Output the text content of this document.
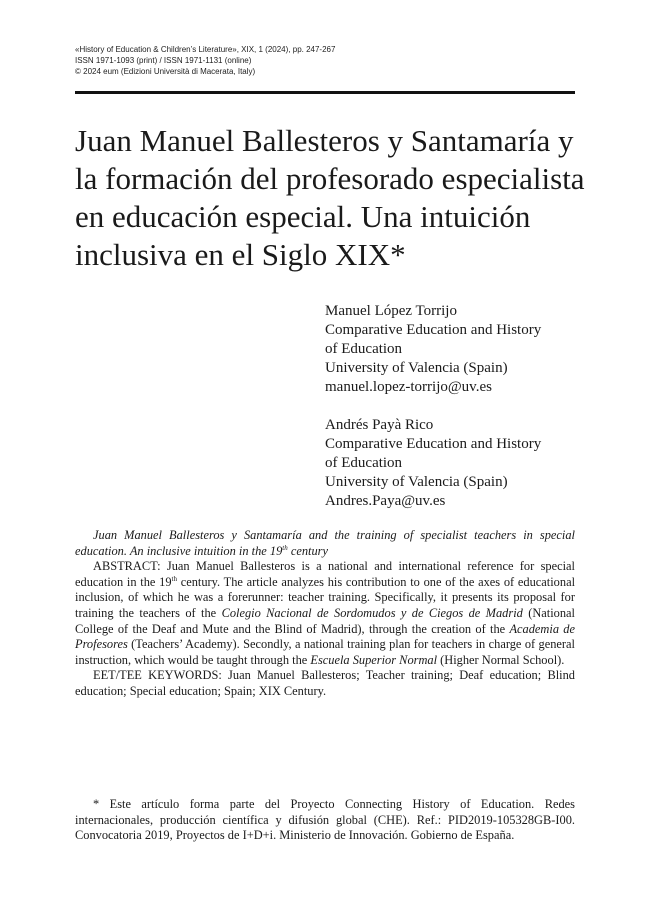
«History of Education & Children’s Literature», XIX, 1 (2024), pp. 247-267
ISSN 1971-1093 (print) / ISSN 1971-1131 (online)
© 2024 eum (Edizioni Università di Macerata, Italy)
Juan Manuel Ballesteros y Santamaría y
la formación del profesorado especialista
en educación especial. Una intuición
inclusiva en el Siglo XIX*
Manuel López Torrijo
Comparative Education and History
of Education
University of Valencia (Spain)
manuel.lopez-torrijo@uv.es
Andrés Payà Rico
Comparative Education and History
of Education
University of Valencia (Spain)
Andres.Paya@uv.es

Juan Manuel Ballesteros y Santamaría and the training of specialist teachers in special education. An inclusive intuition in the 19th century

ABSTRACT: Juan Manuel Ballesteros is a national and international reference for special education in the 19th century. The article analyzes his contribution to one of the axes of educational inclusion, of which he was a forerunner: teacher training. Specifically, it presents its proposal for training the teachers of the Colegio Nacional de Sordomudos y de Ciegos de Madrid (National College of the Deaf and Mute and the Blind of Madrid), through the creation of the Academia de Profesores (Teachers’ Academy). Secondly, a national training plan for teachers in charge of general instruction, which would be taught through the Escuela Superior Normal (Higher Normal School).

EET/TEE KEYWORDS: Juan Manuel Ballesteros; Teacher training; Deaf education; Blind education; Special education; Spain; XIX Century.

* Este artículo forma parte del Proyecto Connecting History of Education. Redes internacionales, producción científica y difusión global (CHE). Ref.: PID2019-105328GB-I00. Convocatoria 2019, Proyectos de I+D+i. Ministerio de Innovación. Gobierno de España.
